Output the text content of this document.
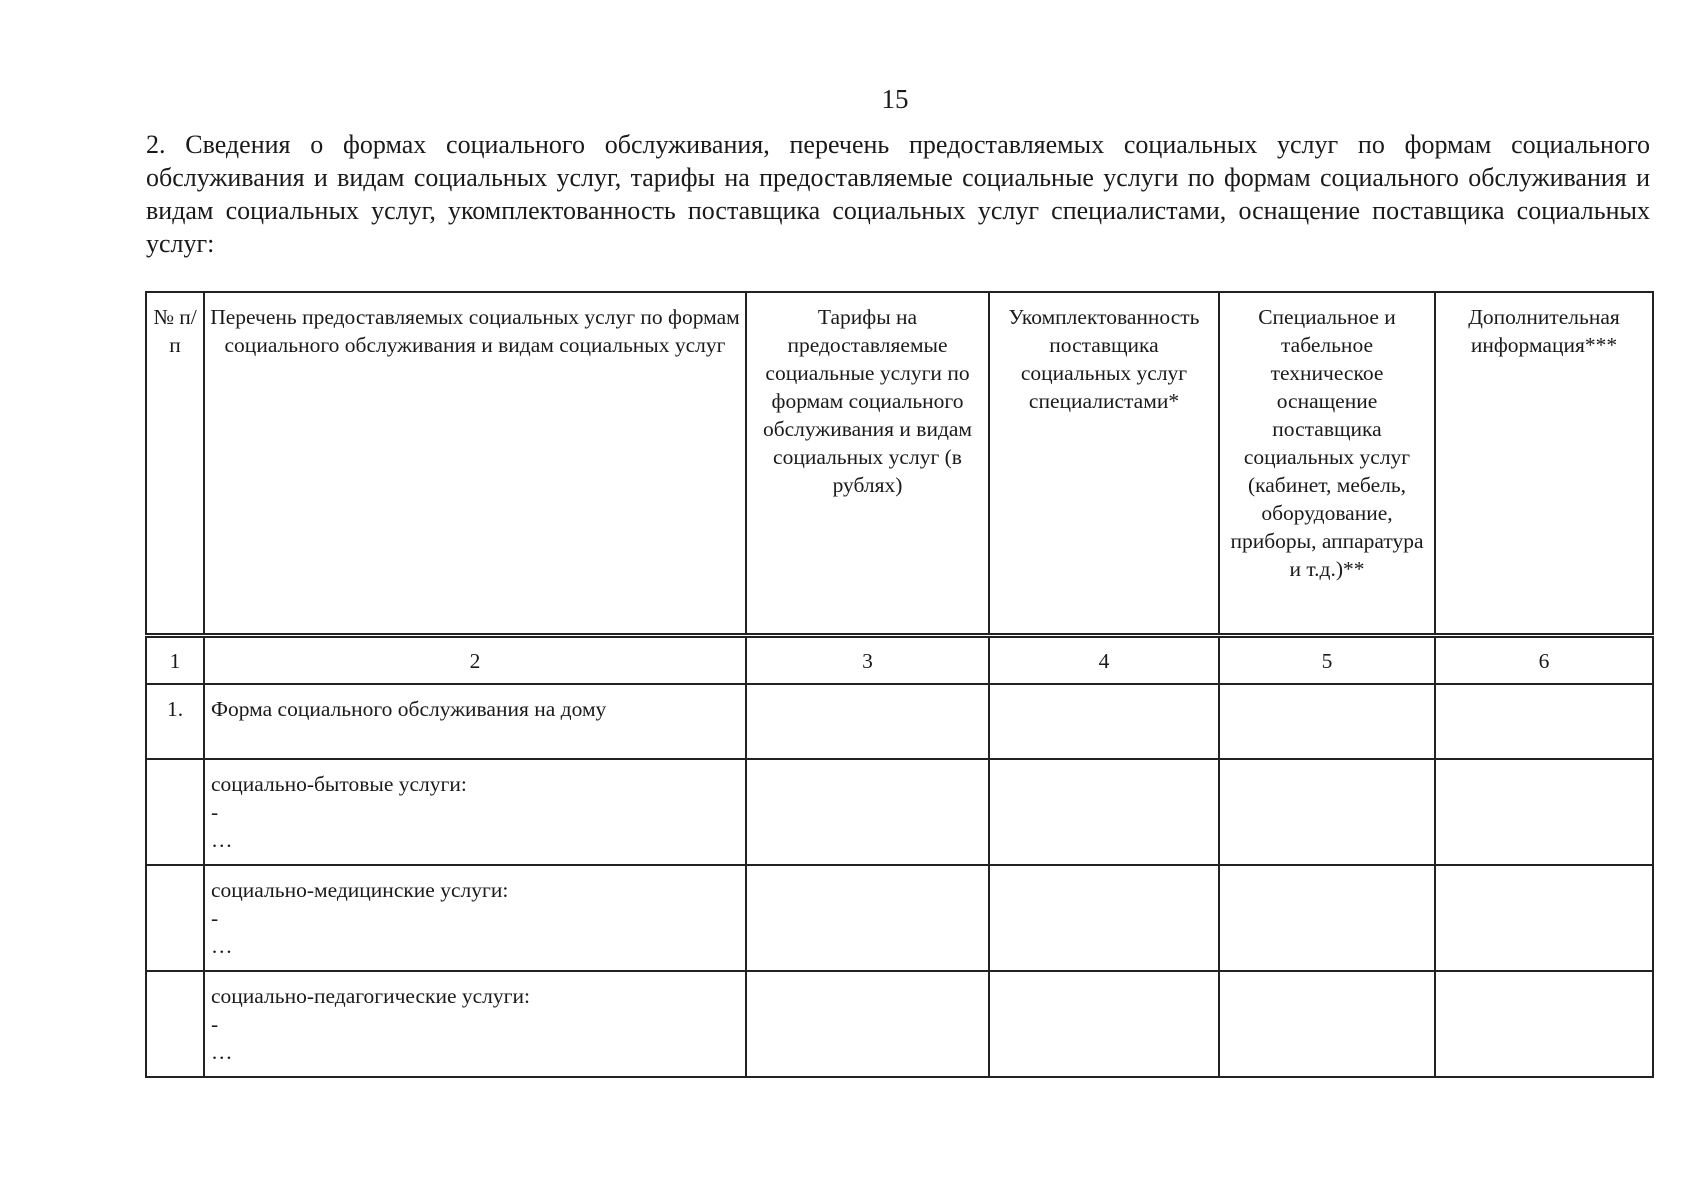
15
2. Сведения о формах социального обслуживания, перечень предоставляемых социальных услуг по формам социального обслуживания и видам социальных услуг, тарифы на предоставляемые социальные услуги по формам социального обслуживания и видам социальных услуг, укомплектованность поставщика социальных услуг специалистами, оснащение поставщика социальных услуг:
№ п/п	Перечень предоставляемых социальных услуг по формам социального обслуживания и видам социальных услуг	Тарифы на предоставляемые социальные услуги по формам социального обслуживания и видам социальных услуг (в рублях)	Укомплектованность поставщика социальных услуг специалистами*	Специальное и табельное техническое оснащение поставщика социальных услуг (кабинет, мебель, оборудование, приборы, аппаратура и т.д.)**	Дополнительная информация***
1	2	3	4	5	6
1.	Форма социального обслуживания на дому				

	социально-бытовые услуги:
-
…				

	социально-медицинские услуги:
-
…				

	социально-педагогические услуги:
-
…				
